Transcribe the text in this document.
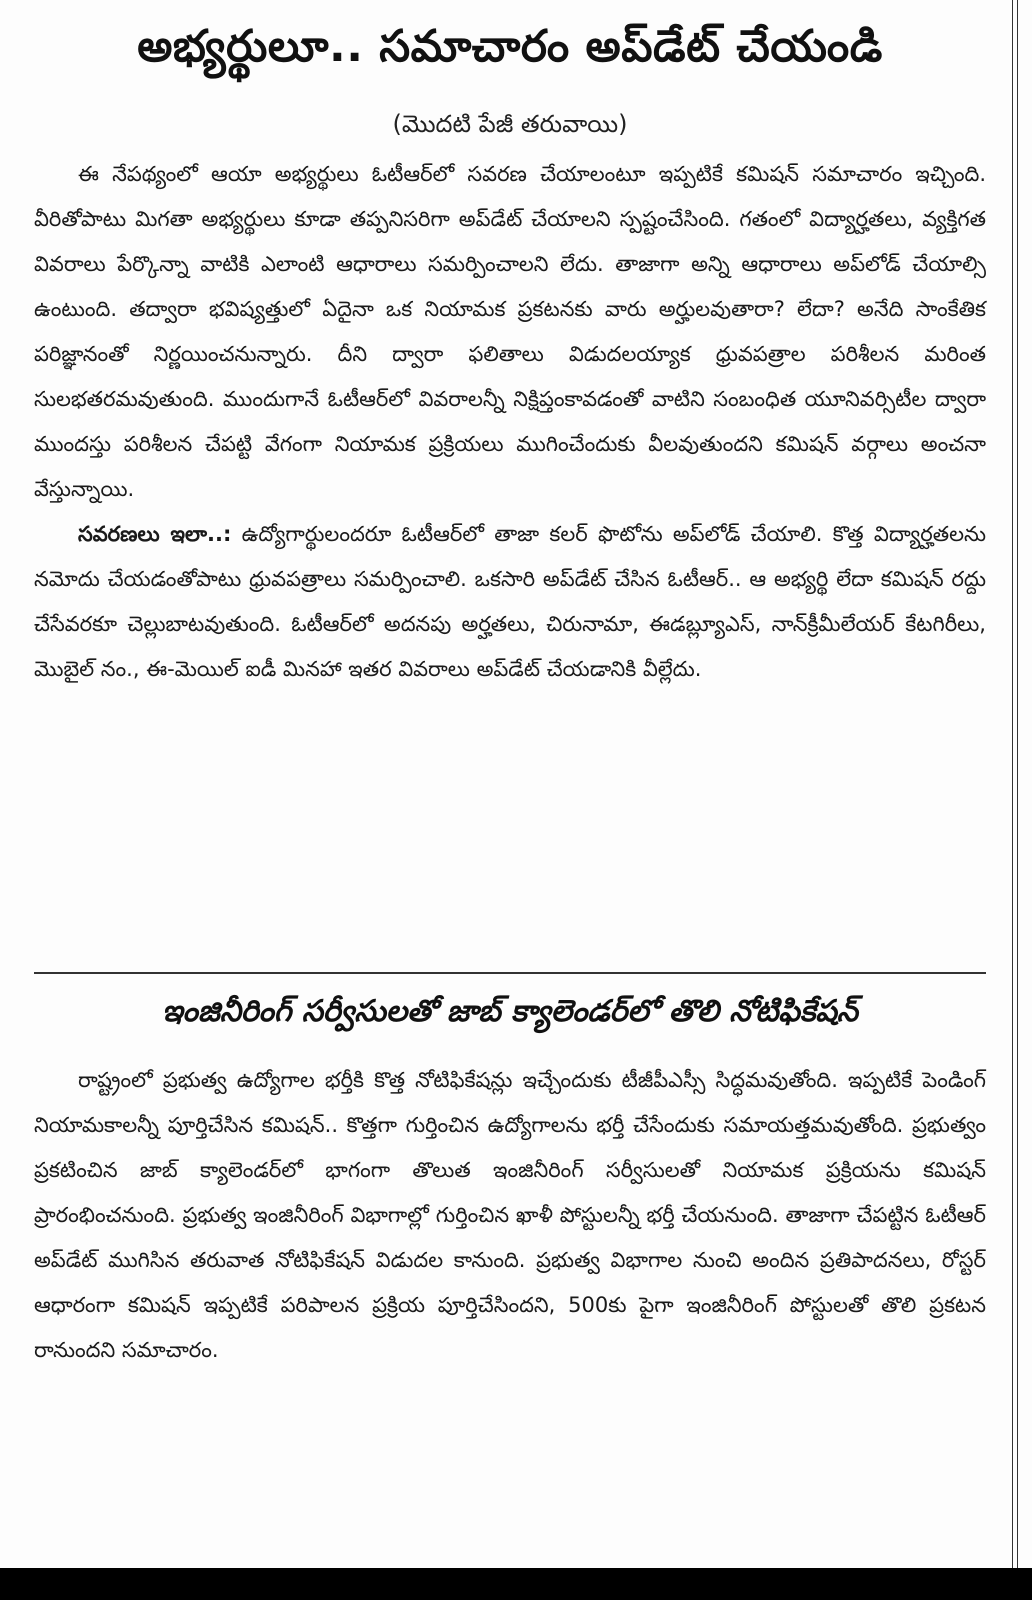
అభ్యర్థులూ.. సమాచారం అప్‌డేట్ చేయండి
(మొదటి పేజీ తరువాయి)

ఈ నేపథ్యంలో ఆయా అభ్యర్థులు ఓటీఆర్‌లో సవరణ చేయాలంటూ ఇప్పటికే కమిషన్ సమాచారం ఇచ్చింది. వీరితోపాటు మిగతా అభ్యర్థులు కూడా తప్పనిసరిగా అప్‌డేట్ చేయాలని స్పష్టంచేసింది. గతంలో విద్యార్హతలు, వ్యక్తిగత వివరాలు పేర్కొన్నా వాటికి ఎలాంటి ఆధారాలు సమర్పించాలని లేదు. తాజాగా అన్ని ఆధారాలు అప్‌లోడ్ చేయాల్సి ఉంటుంది. తద్వారా భవిష్యత్తులో ఏదైనా ఒక నియామక ప్రకటనకు వారు అర్హులవుతారా? లేదా? అనేది సాంకేతిక పరిజ్ఞానంతో నిర్ణయించనున్నారు. దీని ద్వారా ఫలితాలు విడుదలయ్యాక ధ్రువపత్రాల పరిశీలన మరింత సులభతరమవుతుంది. ముందుగానే ఓటీఆర్‌లో వివరాలన్నీ నిక్షిప్తంకావడంతో వాటిని సంబంధిత యూనివర్సిటీల ద్వారా ముందస్తు పరిశీలన చేపట్టి వేగంగా నియామక ప్రక్రియలు ముగించేందుకు వీలవుతుందని కమిషన్ వర్గాలు అంచనా వేస్తున్నాయి.

సవరణలు ఇలా..: ఉద్యోగార్థులందరూ ఓటీఆర్‌లో తాజా కలర్ ఫొటోను అప్‌లోడ్ చేయాలి. కొత్త విద్యార్హతలను నమోదు చేయడంతోపాటు ధ్రువపత్రాలు సమర్పించాలి. ఒకసారి అప్‌డేట్ చేసిన ఓటీఆర్.. ఆ అభ్యర్థి లేదా కమిషన్ రద్దు చేసేవరకూ చెల్లుబాటవుతుంది. ఓటీఆర్‌లో అదనపు అర్హతలు, చిరునామా, ఈడబ్ల్యూఎస్, నాన్‌క్రీమీలేయర్ కేటగిరీలు, మొబైల్ నం., ఈ-మెయిల్ ఐడీ మినహా ఇతర వివరాలు అప్‌డేట్ చేయడానికి వీల్లేదు.

ఇంజినీరింగ్ సర్వీసులతో జాబ్ క్యాలెండర్‌లో తొలి నోటిఫికేషన్

రాష్ట్రంలో ప్రభుత్వ ఉద్యోగాల భర్తీకి కొత్త నోటిఫికేషన్లు ఇచ్చేందుకు టీజీపీఎస్సీ సిద్ధమవుతోంది. ఇప్పటికే పెండింగ్ నియామకాలన్నీ పూర్తిచేసిన కమిషన్.. కొత్తగా గుర్తించిన ఉద్యోగాలను భర్తీ చేసేందుకు సమాయత్తమవుతోంది. ప్రభుత్వం ప్రకటించిన జాబ్ క్యాలెండర్‌లో భాగంగా తొలుత ఇంజినీరింగ్ సర్వీసులతో నియామక ప్రక్రియను కమిషన్ ప్రారంభించనుంది. ప్రభుత్వ ఇంజినీరింగ్ విభాగాల్లో గుర్తించిన ఖాళీ పోస్టులన్నీ భర్తీ చేయనుంది. తాజాగా చేపట్టిన ఓటీఆర్ అప్‌డేట్ ముగిసిన తరువాత నోటిఫికేషన్ విడుదల కానుంది. ప్రభుత్వ విభాగాల నుంచి అందిన ప్రతిపాదనలు, రోస్టర్ ఆధారంగా కమిషన్ ఇప్పటికే పరిపాలన ప్రక్రియ పూర్తిచేసిందని, 500కు పైగా ఇంజినీరింగ్ పోస్టులతో తొలి ప్రకటన రానుందని సమాచారం.
